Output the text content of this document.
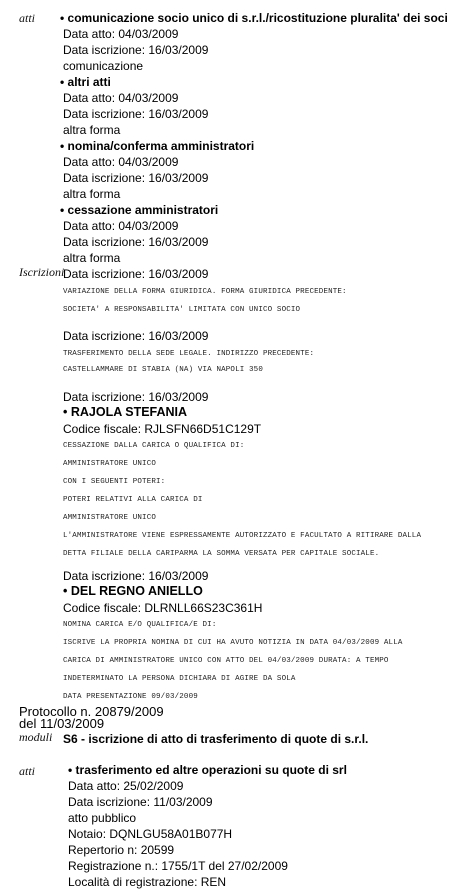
atti
Iscrizioni
moduli
atti
• comunicazione socio unico di s.r.l./ricostituzione pluralita' dei soci
Data atto: 04/03/2009
Data iscrizione: 16/03/2009
comunicazione
• altri atti
Data atto: 04/03/2009
Data iscrizione: 16/03/2009
altra forma
• nomina/conferma amministratori
Data atto: 04/03/2009
Data iscrizione: 16/03/2009
altra forma
• cessazione amministratori
Data atto: 04/03/2009
Data iscrizione: 16/03/2009
altra forma
Data iscrizione: 16/03/2009
VARIAZIONE DELLA FORMA GIURIDICA. FORMA GIURIDICA PRECEDENTE:
SOCIETA' A RESPONSABILITA' LIMITATA CON UNICO SOCIO
Data iscrizione: 16/03/2009
TRASFERIMENTO DELLA SEDE LEGALE. INDIRIZZO PRECEDENTE:
CASTELLAMMARE DI STABIA (NA) VIA NAPOLI 350
Data iscrizione: 16/03/2009
• RAJOLA STEFANIA
Codice fiscale: RJLSFN66D51C129T
CESSAZIONE DALLA CARICA O QUALIFICA DI:
AMMINISTRATORE UNICO
CON I SEGUENTI POTERI:
POTERI RELATIVI ALLA CARICA DI
AMMINISTRATORE UNICO
L'AMMINISTRATORE VIENE ESPRESSAMENTE AUTORIZZATO E FACULTATO A RITIRARE DALLA
DETTA FILIALE DELLA CARIPARMA LA SOMMA VERSATA PER CAPITALE SOCIALE.
Data iscrizione: 16/03/2009
• DEL REGNO ANIELLO
Codice fiscale: DLRNLL66S23C361H
NOMINA CARICA E/O QUALIFICA/E DI:
ISCRIVE LA PROPRIA NOMINA DI CUI HA AVUTO NOTIZIA IN DATA 04/03/2009 ALLA
CARICA DI AMMINISTRATORE UNICO CON ATTO DEL 04/03/2009 DURATA: A TEMPO
INDETERMINATO LA PERSONA DICHIARA DI AGIRE DA SOLA
DATA PRESENTAZIONE 09/03/2009
Protocollo n. 20879/2009
del 11/03/2009
S6 - iscrizione di atto di trasferimento di quote di s.r.l.
• trasferimento ed altre operazioni su quote di srl
Data atto: 25/02/2009
Data iscrizione: 11/03/2009
atto pubblico
Notaio: DQNLGU58A01B077H
Repertorio n: 20599
Registrazione n.: 1755/1T del 27/02/2009
Località di registrazione: REN
